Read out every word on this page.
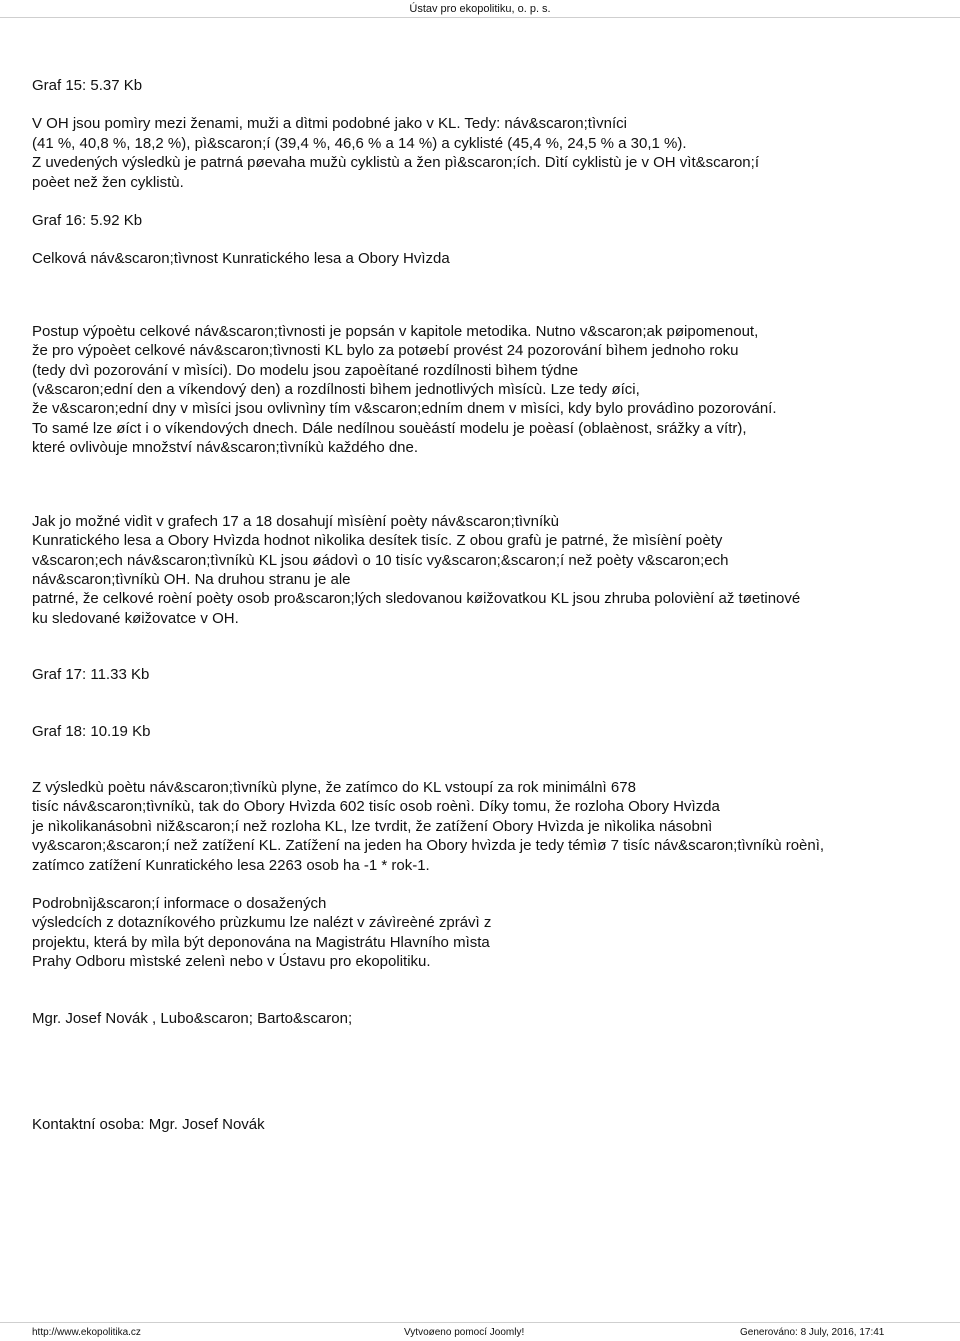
Ústav pro ekopolitiku, o. p. s.

Graf 15: 5.37 Kb

V OH jsou pomìry mezi ženami, muži a dìtmi podobné jako v KL. Tedy: náv&scaron;tìvníci

(41 %, 40,8 %, 18,2 %), pì&scaron;í (39,4 %, 46,6 % a 14 %) a cyklisté (45,4 %, 24,5 % a 30,1 %).

Z uvedených výsledkù je patrná pøevaha mužù cyklistù a žen pì&scaron;ích. Dìtí cyklistù je v OH vìt&scaron;í

poèet než žen cyklistù.

Graf 16: 5.92 Kb

Celková náv&scaron;tìvnost Kunratického lesa a Obory Hvìzda

Postup výpoètu celkové náv&scaron;tìvnosti je popsán v kapitole metodika. Nutno v&scaron;ak pøipomenout,

že pro výpoèet celkové náv&scaron;tìvnosti KL bylo za potøebí provést 24 pozorování bìhem jednoho roku

(tedy dvì pozorování v mìsíci). Do modelu jsou zapoèítané rozdílnosti bìhem týdne

(v&scaron;ední den a víkendový den) a rozdílnosti bìhem jednotlivých mìsícù. Lze tedy øíci,

že v&scaron;ední dny v mìsíci jsou ovlivnìny tím v&scaron;edním dnem v mìsíci, kdy bylo provádìno pozorování.

To samé lze øíct i o víkendových dnech. Dále nedílnou souèástí modelu je poèasí (oblaènost, srážky a vítr),

které ovlivòuje množství náv&scaron;tìvníkù každého dne.

Jak jo možné vidìt v grafech 17 a 18 dosahují mìsíèní poèty náv&scaron;tìvníkù

Kunratického lesa a Obory Hvìzda hodnot nìkolika desítek tisíc. Z obou grafù je patrné, že mìsíèní poèty

v&scaron;ech náv&scaron;tìvníkù KL jsou øádovì o 10 tisíc vy&scaron;&scaron;í než poèty v&scaron;ech

náv&scaron;tìvníkù OH. Na druhou stranu je ale

patrné, že celkové roèní poèty osob pro&scaron;lých sledovanou køižovatkou KL jsou zhruba polovièní až tøetinové

ku sledované køižovatce v OH.

Graf 17: 11.33 Kb

Graf 18: 10.19 Kb

Z výsledkù poètu náv&scaron;tìvníkù plyne, že zatímco do KL vstoupí za rok minimálnì 678

tisíc náv&scaron;tìvníkù, tak do Obory Hvìzda 602 tisíc osob roènì. Díky tomu, že rozloha Obory Hvìzda

je nìkolikanásobnì niž&scaron;í než rozloha KL, lze tvrdit, že zatížení Obory Hvìzda je nìkolika násobnì

vy&scaron;&scaron;í než zatížení KL. Zatížení na jeden ha Obory hvìzda je tedy témìø 7 tisíc náv&scaron;tìvníkù roènì,

zatímco zatížení Kunratického lesa 2263 osob ha -1 * rok-1.

Podrobnìj&scaron;í informace o dosažených

výsledcích z dotazníkového prùzkumu lze nalézt v závìreèné zprávì z

projektu, která by mìla být deponována na Magistrátu Hlavního mìsta

Prahy Odboru mìstské zelenì nebo v Ústavu pro ekopolitiku.

Mgr. Josef Novák , Lubo&scaron; Barto&scaron;

Kontaktní osoba: Mgr. Josef Novák

http://www.ekopolitika.cz	Vytvoøeno pomocí Joomly!	Generováno: 8 July, 2016, 17:41
